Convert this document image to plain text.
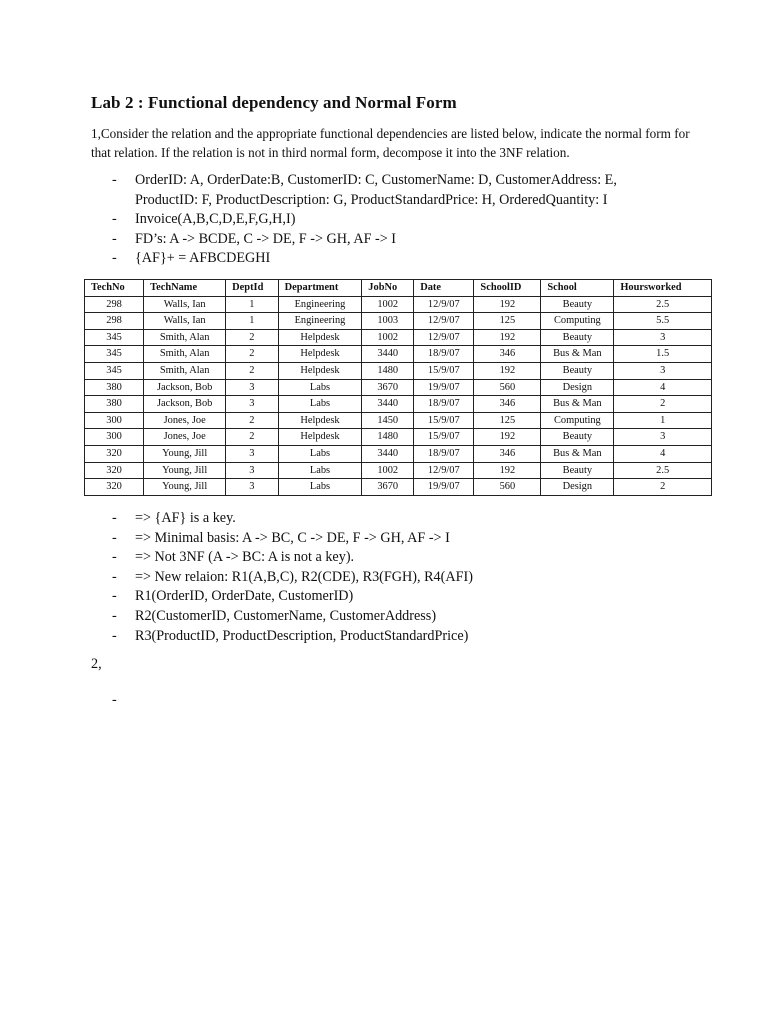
Lab 2 : Functional dependency and Normal Form

1,Consider the relation and the appropriate functional dependencies are listed below, indicate the normal form for that relation. If the relation is not in third normal form, decompose it into the 3NF relation.

- OrderID: A, OrderDate:B, CustomerID: C, CustomerName: D, CustomerAddress: E, ProductID: F, ProductDescription: G, ProductStandardPrice: H, OrderedQuantity: I
- Invoice(A,B,C,D,E,F,G,H,I)
- FD’s: A -> BCDE, C -> DE, F -> GH, AF -> I
- {AF}+ = AFBCDEGHI
TechNo	TechName	DeptId	Department	JobNo	Date	SchoolID	School	Hoursworked
298	Walls, Ian	1	Engineering	1002	12/9/07	192	Beauty	2.5
298	Walls, Ian	1	Engineering	1003	12/9/07	125	Computing	5.5
345	Smith, Alan	2	Helpdesk	1002	12/9/07	192	Beauty	3
345	Smith, Alan	2	Helpdesk	3440	18/9/07	346	Bus & Man	1.5
345	Smith, Alan	2	Helpdesk	1480	15/9/07	192	Beauty	3
380	Jackson, Bob	3	Labs	3670	19/9/07	560	Design	4
380	Jackson, Bob	3	Labs	3440	18/9/07	346	Bus & Man	2
300	Jones, Joe	2	Helpdesk	1450	15/9/07	125	Computing	1
300	Jones, Joe	2	Helpdesk	1480	15/9/07	192	Beauty	3
320	Young, Jill	3	Labs	3440	18/9/07	346	Bus & Man	4
320	Young, Jill	3	Labs	1002	12/9/07	192	Beauty	2.5
320	Young, Jill	3	Labs	3670	19/9/07	560	Design	2
- => {AF} is a key.
- => Minimal basis: A -> BC, C -> DE, F -> GH, AF -> I
- => Not 3NF (A -> BC: A is not a key).
- => New relaion: R1(A,B,C), R2(CDE), R3(FGH), R4(AFI)
- R1(OrderID, OrderDate, CustomerID)
- R2(CustomerID, CustomerName, CustomerAddress)
- R3(ProductID, ProductDescription, ProductStandardPrice)
2,
-
